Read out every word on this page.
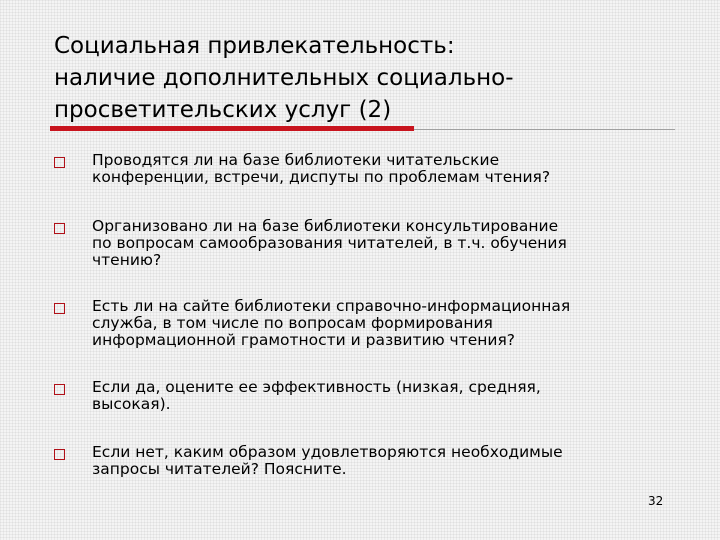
Социальная привлекательность:
наличие дополнительных социально-
просветительских услуг (2)
Проводятся ли на базе библиотеки читательские
конференции, встречи, диспуты по проблемам чтения?
Организовано ли на базе библиотеки консультирование
по вопросам самообразования читателей, в т.ч. обучения
чтению?
Есть ли на сайте библиотеки справочно-информационная
служба, в том числе по вопросам формирования
информационной грамотности и развитию чтения?
Если да, оцените ее эффективность (низкая, средняя,
высокая).
Если нет, каким образом удовлетворяются необходимые
запросы читателей? Поясните.
32
